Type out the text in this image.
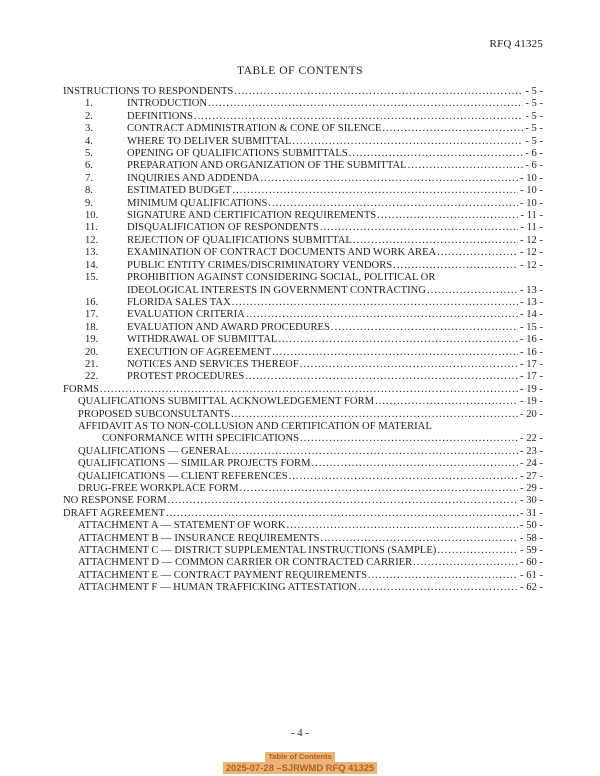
RFQ 41325
TABLE OF CONTENTS
INSTRUCTIONS TO RESPONDENTS .....	- 5 -
1.	INTRODUCTION .....	- 5 -
2.	DEFINITIONS .....	- 5 -
3.	CONTRACT ADMINISTRATION & CONE OF SILENCE .....	- 5 -
4.	WHERE TO DELIVER SUBMITTAL .....	- 5 -
5.	OPENING OF QUALIFICATIONS SUBMITTALS .....	- 6 -
6.	PREPARATION AND ORGANIZATION OF THE SUBMITTAL .....	- 6 -
7.	INQUIRIES AND ADDENDA .....	- 10 -
8.	ESTIMATED BUDGET .....	- 10 -
9.	MINIMUM QUALIFICATIONS .....	- 10 -
10.	SIGNATURE AND CERTIFICATION REQUIREMENTS .....	- 11 -
11.	DISQUALIFICATION OF RESPONDENTS .....	- 11 -
12.	REJECTION OF QUALIFICATIONS SUBMITTAL .....	- 12 -
13.	EXAMINATION OF CONTRACT DOCUMENTS AND WORK AREA .....	- 12 -
14.	PUBLIC ENTITY CRIMES/DISCRIMINATORY VENDORS .....	- 12 -
15.	PROHIBITION AGAINST CONSIDERING SOCIAL, POLITICAL OR
IDEOLOGICAL INTERESTS IN GOVERNMENT CONTRACTING .....	- 13 -
16.	FLORIDA SALES TAX .....	- 13 -
17.	EVALUATION CRITERIA .....	- 14 -
18.	EVALUATION AND AWARD PROCEDURES .....	- 15 -
19.	WITHDRAWAL OF SUBMITTAL .....	- 16 -
20.	EXECUTION OF AGREEMENT .....	- 16 -
21.	NOTICES AND SERVICES THEREOF .....	- 17 -
22.	PROTEST PROCEDURES .....	- 17 -
FORMS .....	- 19 -
QUALIFICATIONS SUBMITTAL ACKNOWLEDGEMENT FORM .....	- 19 -
PROPOSED SUBCONSULTANTS .....	- 20 -
AFFIDAVIT AS TO NON-COLLUSION AND CERTIFICATION OF MATERIAL
CONFORMANCE WITH SPECIFICATIONS .....	- 22 -
QUALIFICATIONS — GENERAL .....	- 23 -
QUALIFICATIONS — SIMILAR PROJECTS FORM .....	- 24 -
QUALIFICATIONS — CLIENT REFERENCES .....	- 27 -
DRUG-FREE WORKPLACE FORM .....	- 29 -
NO RESPONSE FORM .....	- 30 -
DRAFT AGREEMENT .....	- 31 -
ATTACHMENT A — STATEMENT OF WORK .....	- 50 -
ATTACHMENT B — INSURANCE REQUIREMENTS .....	- 58 -
ATTACHMENT C — DISTRICT SUPPLEMENTAL INSTRUCTIONS (SAMPLE) .....	- 59 -
ATTACHMENT D — COMMON CARRIER OR CONTRACTED CARRIER .....	- 60 -
ATTACHMENT E — CONTRACT PAYMENT REQUIREMENTS .....	- 61 -
ATTACHMENT F — HUMAN TRAFFICKING ATTESTATION .....	- 62 -
- 4 -
Table of Contents
2025-07-28 –SJRWMD RFQ 41325
